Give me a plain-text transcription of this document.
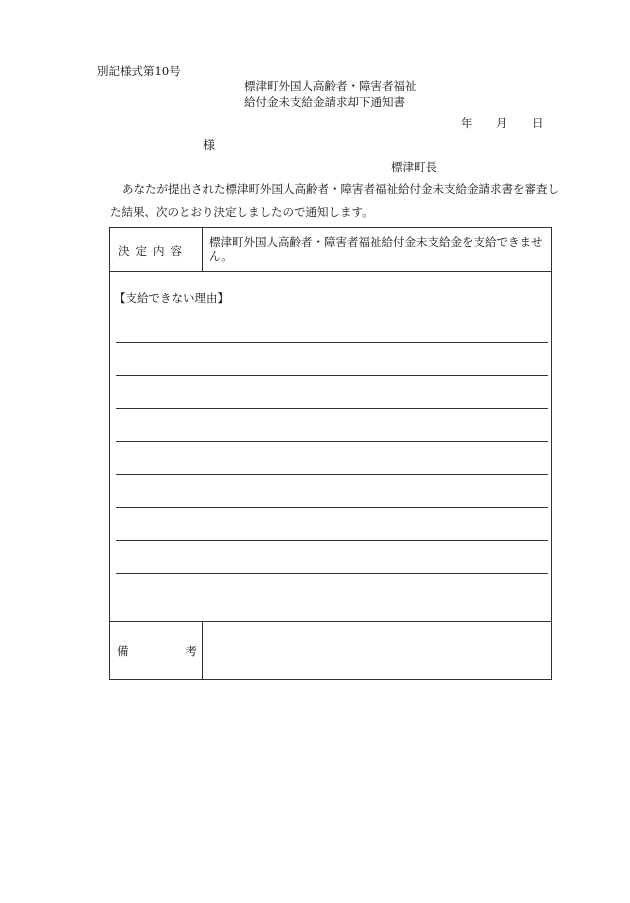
別記様式第10号
標津町外国人高齢者・障害者福祉
給付金未支給金請求却下通知書
年 月 日
様
標津町長
あなたが提出された標津町外国人高齢者・障害者福祉給付金未支給金請求書を審査し
た結果、次のとおり決定しましたので通知します。
決定内容
標津町外国人高齢者・障害者福祉給付金未支給金を支給できません。
【支給できない理由】
備	考
